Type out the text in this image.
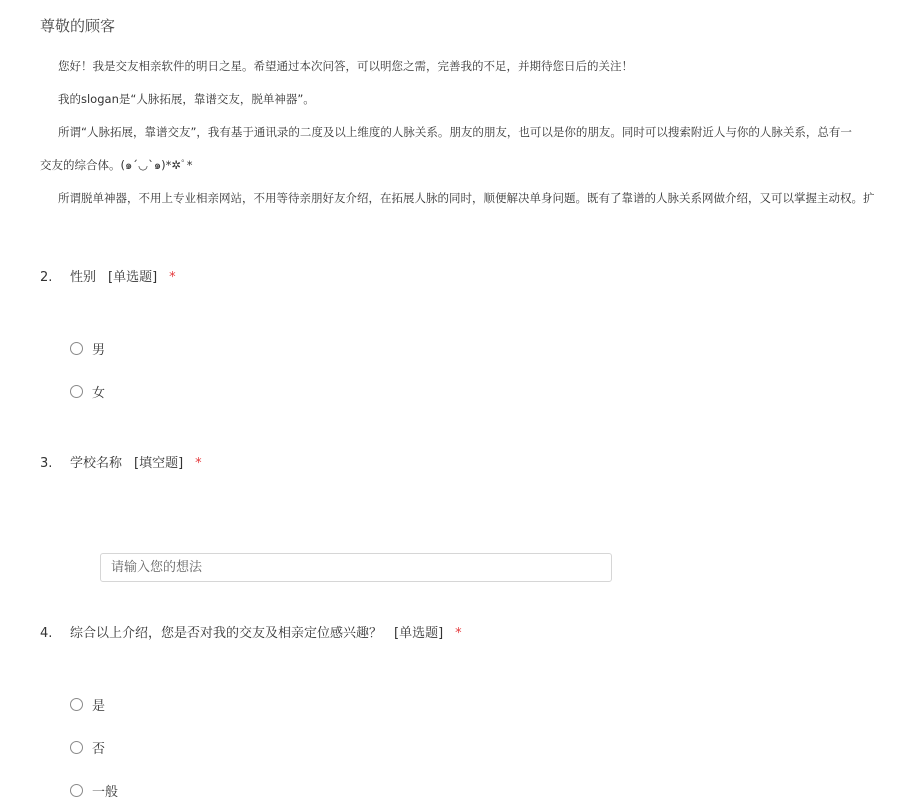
尊敬的顾客
您好！我是交友相亲软件的明日之星。希望通过本次问答，可以明您之需，完善我的不足，并期待您日后的关注！
我的slogan是“人脉拓展，靠谱交友，脱单神器”。
所谓“人脉拓展，靠谱交友”，我有基于通讯录的二度及以上维度的人脉关系。朋友的朋友，也可以是你的朋友。同时可以搜索附近人与你的人脉关系，总有一
交友的综合体。(๑´◡`๑)*✲ﾟ*
所谓脱单神器，不用上专业相亲网站，不用等待亲朋好友介绍，在拓展人脉的同时，顺便解决单身问题。既有了靠谱的人脉关系网做介绍，又可以掌握主动权。扩
2. 性别 [单选题] *
男
女
3. 学校名称 [填空题] *
请输入您的想法
4. 综合以上介绍，您是否对我的交友及相亲定位感兴趣？ [单选题] *
是
否
一般
